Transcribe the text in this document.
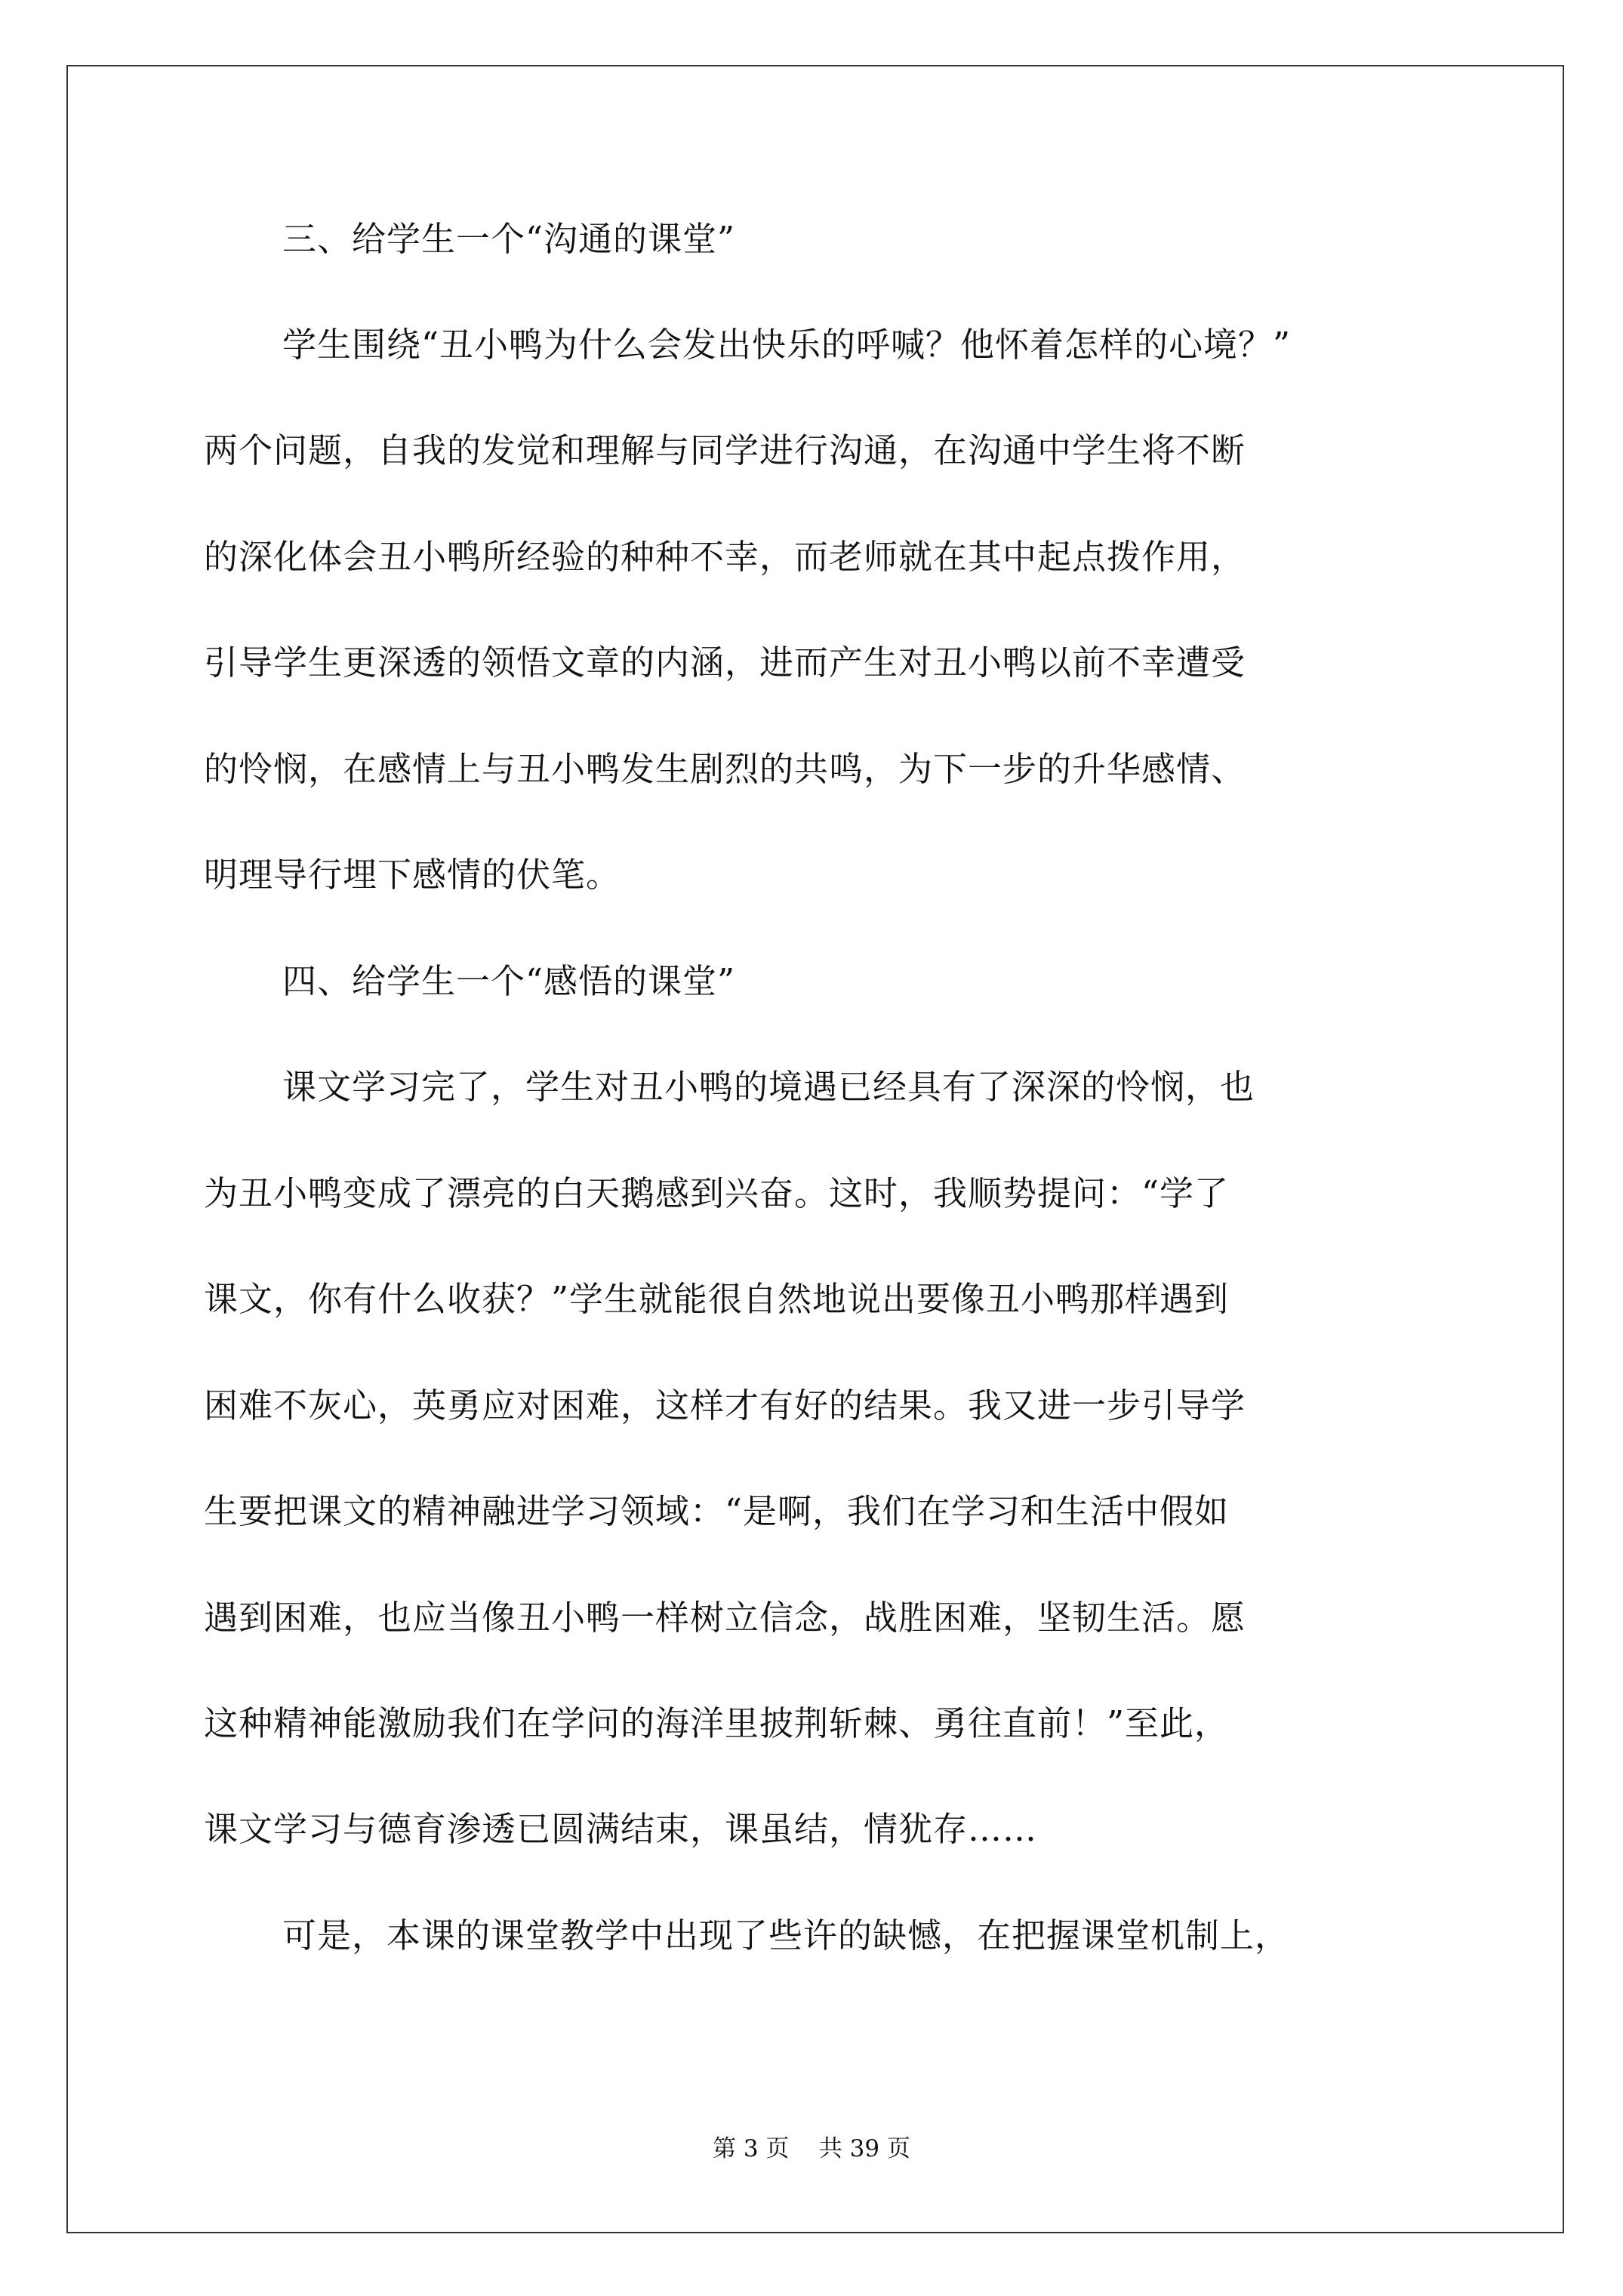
三、给学生一个“沟通的课堂”
学生围绕“丑小鸭为什么会发出快乐的呼喊？他怀着怎样的心境？”
两个问题，自我的发觉和理解与同学进行沟通，在沟通中学生将不断
的深化体会丑小鸭所经验的种种不幸，而老师就在其中起点拨作用，
引导学生更深透的领悟文章的内涵，进而产生对丑小鸭以前不幸遭受
的怜悯，在感情上与丑小鸭发生剧烈的共鸣，为下一步的升华感情、
明理导行埋下感情的伏笔。
四、给学生一个“感悟的课堂”
课文学习完了，学生对丑小鸭的境遇已经具有了深深的怜悯，也
为丑小鸭变成了漂亮的白天鹅感到兴奋。这时，我顺势提问：“学了
课文，你有什么收获？”学生就能很自然地说出要像丑小鸭那样遇到
困难不灰心，英勇应对困难，这样才有好的结果。我又进一步引导学
生要把课文的精神融进学习领域：“是啊，我们在学习和生活中假如
遇到困难，也应当像丑小鸭一样树立信念，战胜困难，坚韧生活。愿
这种精神能激励我们在学问的海洋里披荆斩棘、勇往直前！”至此，
课文学习与德育渗透已圆满结束，课虽结，情犹存……
可是，本课的课堂教学中出现了些许的缺憾，在把握课堂机制上，
第 3 页    共 39 页
